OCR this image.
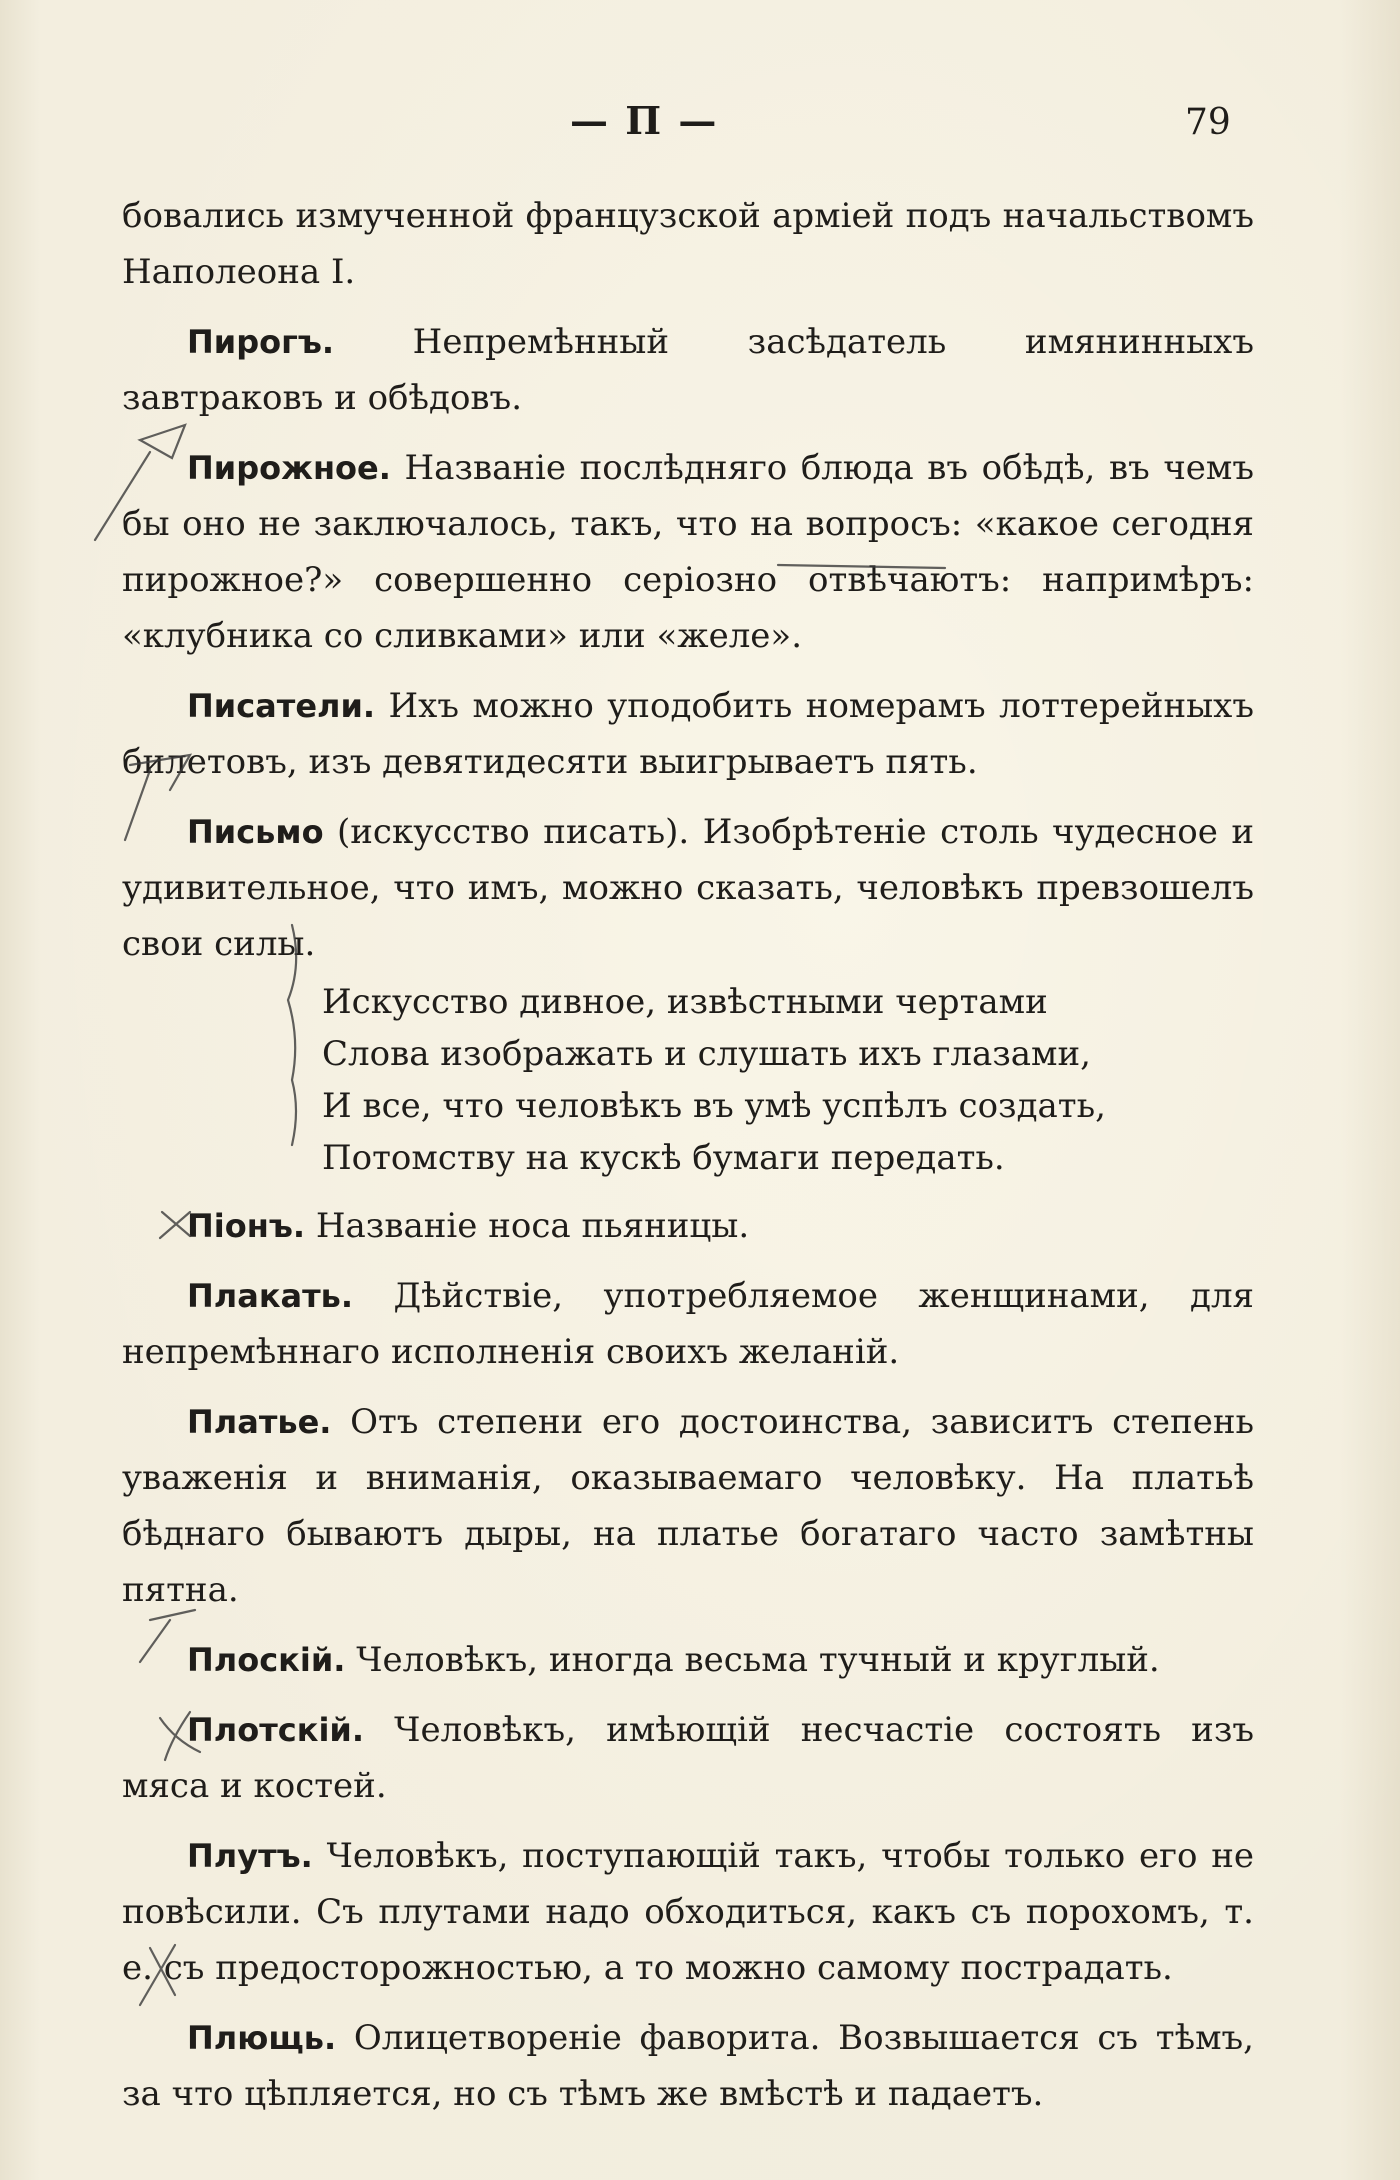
— П —	79

бовались измученной французской арміей подъ начальствомъ Наполеона I.

Пирогъ. Непремѣнный засѣдатель имянинныхъ завтраковъ и обѣдовъ.

Пирожное. Названіе послѣдняго блюда въ обѣдѣ, въ чемъ бы оно не заключалось, такъ, что на вопросъ: «какое сегодня пирожное?» совершенно серіозно отвѣчаютъ: напримѣръ: «клубника со сливками» или «желе».

Писатели. Ихъ можно уподобить номерамъ лоттерейныхъ билетовъ, изъ девятидесяти выигрываетъ пять.

Письмо (искусство писать). Изобрѣтеніе столь чудесное и удивительное, что имъ, можно сказать, человѣкъ превзошелъ свои силы.

Искусство дивное, извѣстными чертами
Слова изображать и слушать ихъ глазами,
И все, что человѣкъ въ умѣ успѣлъ создать,
Потомству на кускѣ бумаги передать.

Піонъ. Названіе носа пьяницы.

Плакать. Дѣйствіе, употребляемое женщинами, для непремѣннаго исполненія своихъ желаній.

Платье. Отъ степени его достоинства, зависитъ степень уваженія и вниманія, оказываемаго человѣку. На платьѣ бѣднаго бываютъ дыры, на платье богатаго часто замѣтны пятна.

Плоскій. Человѣкъ, иногда весьма тучный и круглый.

Плотскій. Человѣкъ, имѣющій несчастіе состоять изъ мяса и костей.

Плутъ. Человѣкъ, поступающій такъ, чтобы только его не повѣсили. Съ плутами надо обходиться, какъ съ порохомъ, т. е. съ предосторожностью, а то можно самому пострадать.

Плющь. Олицетвореніе фаворита. Возвышается съ тѣмъ, за что цѣпляется, но съ тѣмъ же вмѣстѣ и падаетъ.
